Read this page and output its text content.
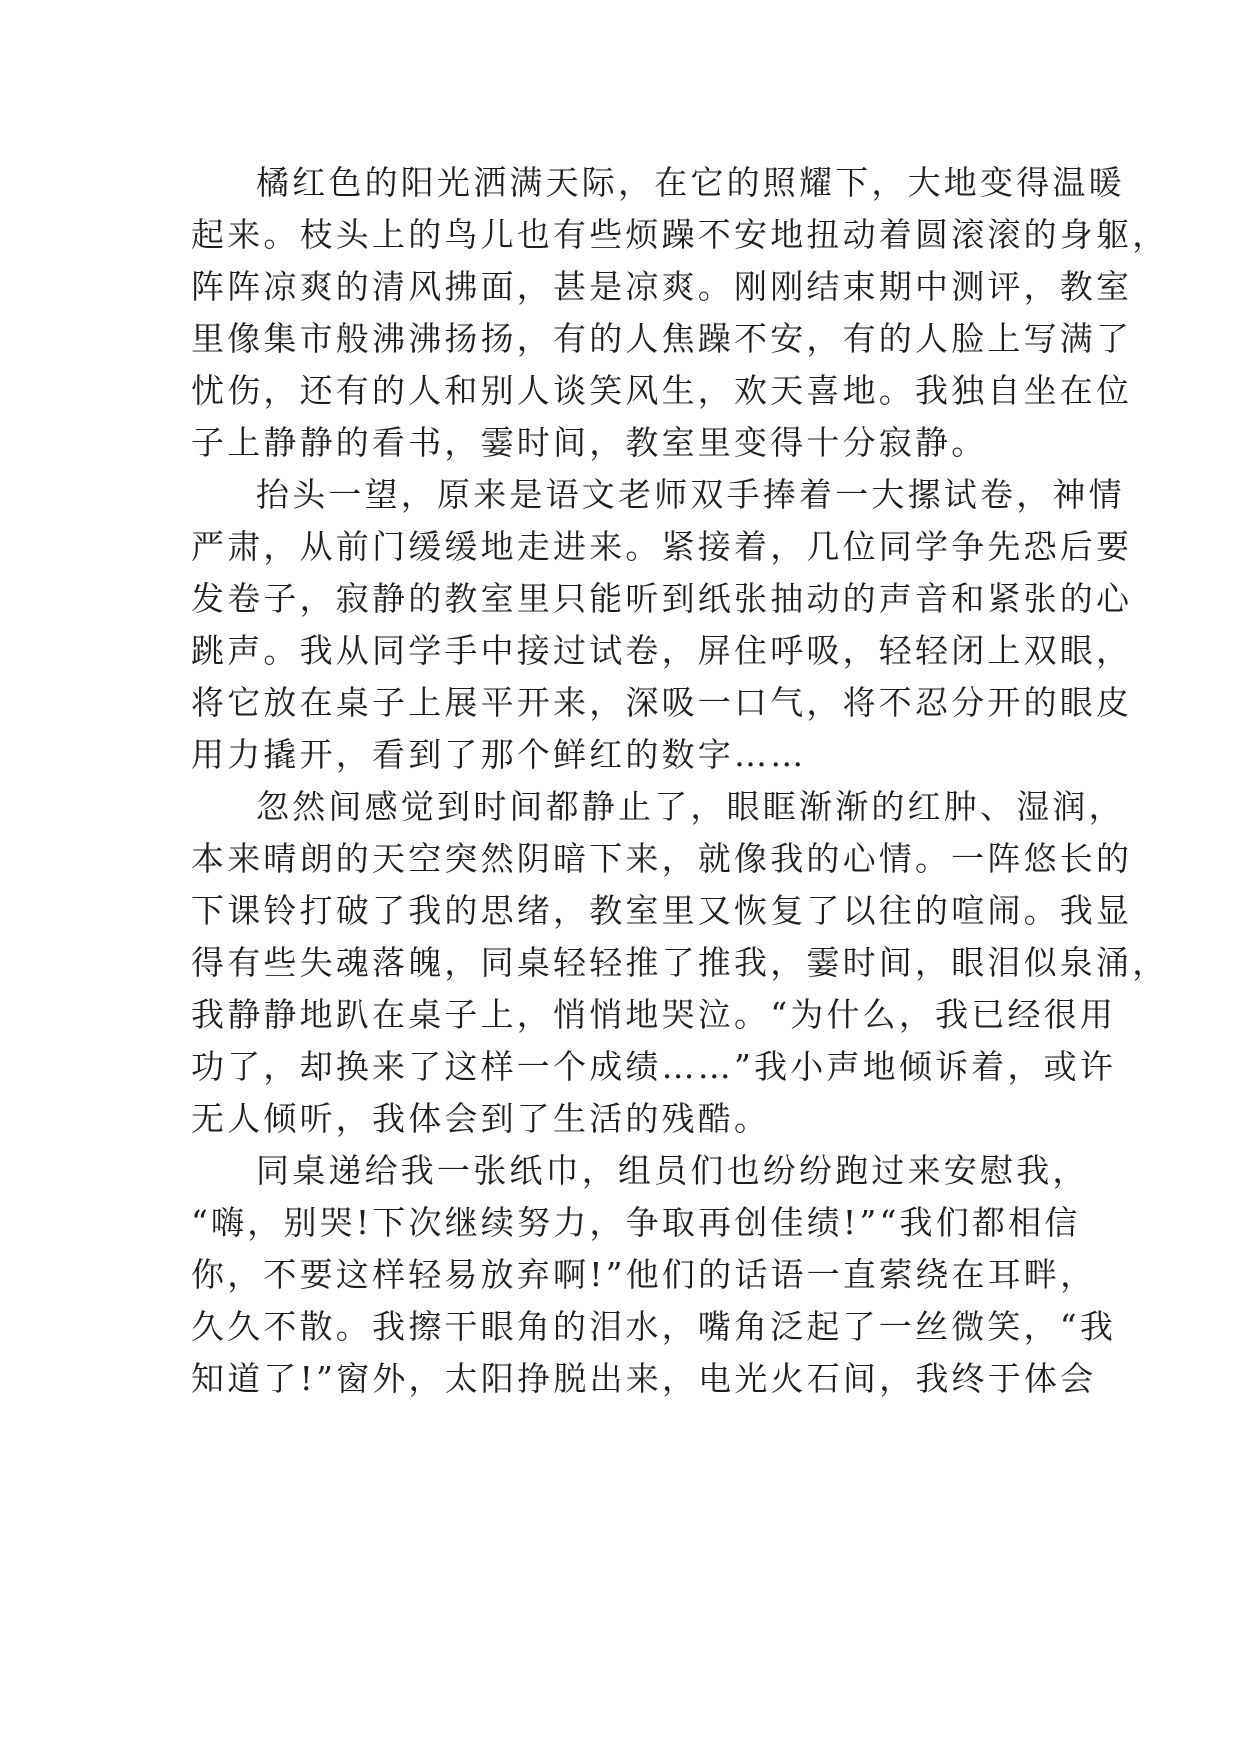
橘红色的阳光洒满天际，在它的照耀下，大地变得温暖
起来。枝头上的鸟儿也有些烦躁不安地扭动着圆滚滚的身躯，
阵阵凉爽的清风拂面，甚是凉爽。刚刚结束期中测评，教室
里像集市般沸沸扬扬，有的人焦躁不安，有的人脸上写满了
忧伤，还有的人和别人谈笑风生，欢天喜地。我独自坐在位
子上静静的看书，霎时间，教室里变得十分寂静。
抬头一望，原来是语文老师双手捧着一大摞试卷，神情
严肃，从前门缓缓地走进来。紧接着，几位同学争先恐后要
发卷子，寂静的教室里只能听到纸张抽动的声音和紧张的心
跳声。我从同学手中接过试卷，屏住呼吸，轻轻闭上双眼，
将它放在桌子上展平开来，深吸一口气，将不忍分开的眼皮
用力撬开，看到了那个鲜红的数字……
忽然间感觉到时间都静止了，眼眶渐渐的红肿、湿润，
本来晴朗的天空突然阴暗下来，就像我的心情。一阵悠长的
下课铃打破了我的思绪，教室里又恢复了以往的喧闹。我显
得有些失魂落魄，同桌轻轻推了推我，霎时间，眼泪似泉涌，
我静静地趴在桌子上，悄悄地哭泣。“为什么，我已经很用
功了，却换来了这样一个成绩……”我小声地倾诉着，或许
无人倾听，我体会到了生活的残酷。
同桌递给我一张纸巾，组员们也纷纷跑过来安慰我，
“嗨，别哭!下次继续努力，争取再创佳绩!”“我们都相信
你，不要这样轻易放弃啊!”他们的话语一直萦绕在耳畔，
久久不散。我擦干眼角的泪水，嘴角泛起了一丝微笑，“我
知道了!”窗外，太阳挣脱出来，电光火石间，我终于体会
